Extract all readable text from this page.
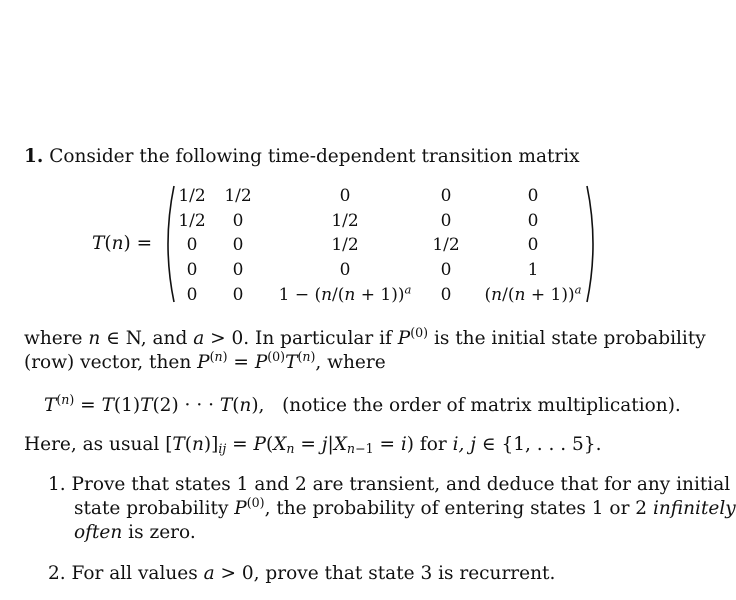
1. Consider the following time-dependent transition matrix
T(n) =
1/2 1/2	0	0	0
1/2 0	1/2	0	0
0 0	1/2	1/2	0
0 0	0	0	1
0 0 $1 - (n/(n + 1))^a$ 0 $(n/(n + 1))^a$
where n ∈ N, and a > 0. In particular if $P^{(0)}$ is the initial state probability
(row) vector, then $P^{(n)} = P^{(0)}T^{(n)}$, where
$T^{(n)} = T(1)T(2)$ · · · T(n),   (notice the order of matrix multiplication).
Here, as usual $[T(n)]_{ij} = P(X_n = j|X_{n-1} = i)$ for i, j ∈ {1, . . . 5}.
1. Prove that states 1 and 2 are transient, and deduce that for any initial
state probability $P^{(0)}$, the probability of entering states 1 or 2 infinitely
often is zero.
2. For all values a > 0, prove that state 3 is recurrent.
